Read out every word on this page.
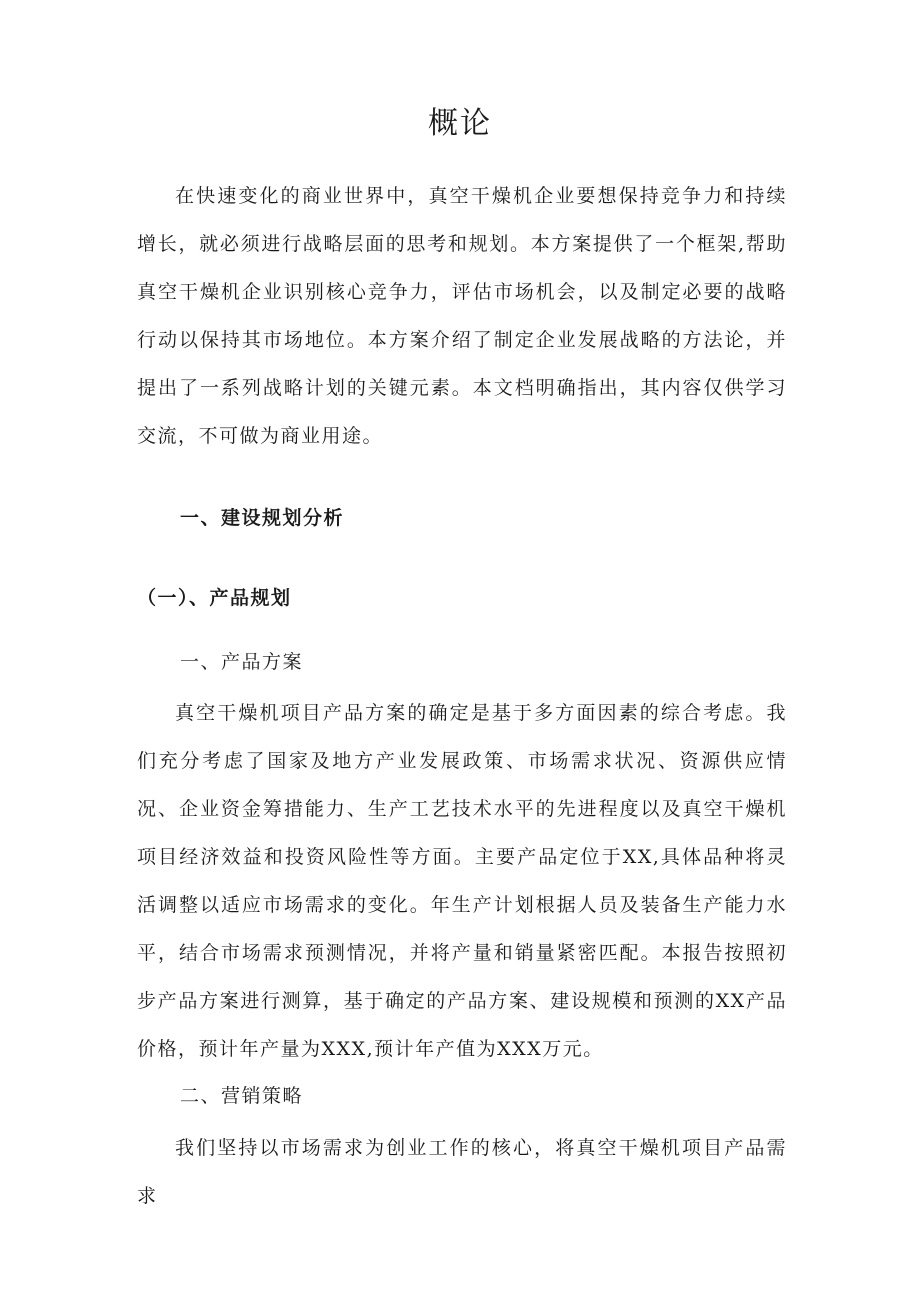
概论

在快速变化的商业世界中，真空干燥机企业要想保持竞争力和持续增长，就必须进行战略层面的思考和规划。本方案提供了一个框架,帮助真空干燥机企业识别核心竞争力，评估市场机会，以及制定必要的战略行动以保持其市场地位。本方案介绍了制定企业发展战略的方法论，并提出了一系列战略计划的关键元素。本文档明确指出，其内容仅供学习交流，不可做为商业用途。

一、建设规划分析

（一）、产品规划

一、产品方案

真空干燥机项目产品方案的确定是基于多方面因素的综合考虑。我们充分考虑了国家及地方产业发展政策、市场需求状况、资源供应情况、企业资金筹措能力、生产工艺技术水平的先进程度以及真空干燥机项目经济效益和投资风险性等方面。主要产品定位于XX,具体品种将灵活调整以适应市场需求的变化。年生产计划根据人员及装备生产能力水平，结合市场需求预测情况，并将产量和销量紧密匹配。本报告按照初步产品方案进行测算，基于确定的产品方案、建设规模和预测的XX产品价格，预计年产量为XXX,预计年产值为XXX万元。

二、营销策略

我们坚持以市场需求为创业工作的核心，将真空干燥机项目产品需求
